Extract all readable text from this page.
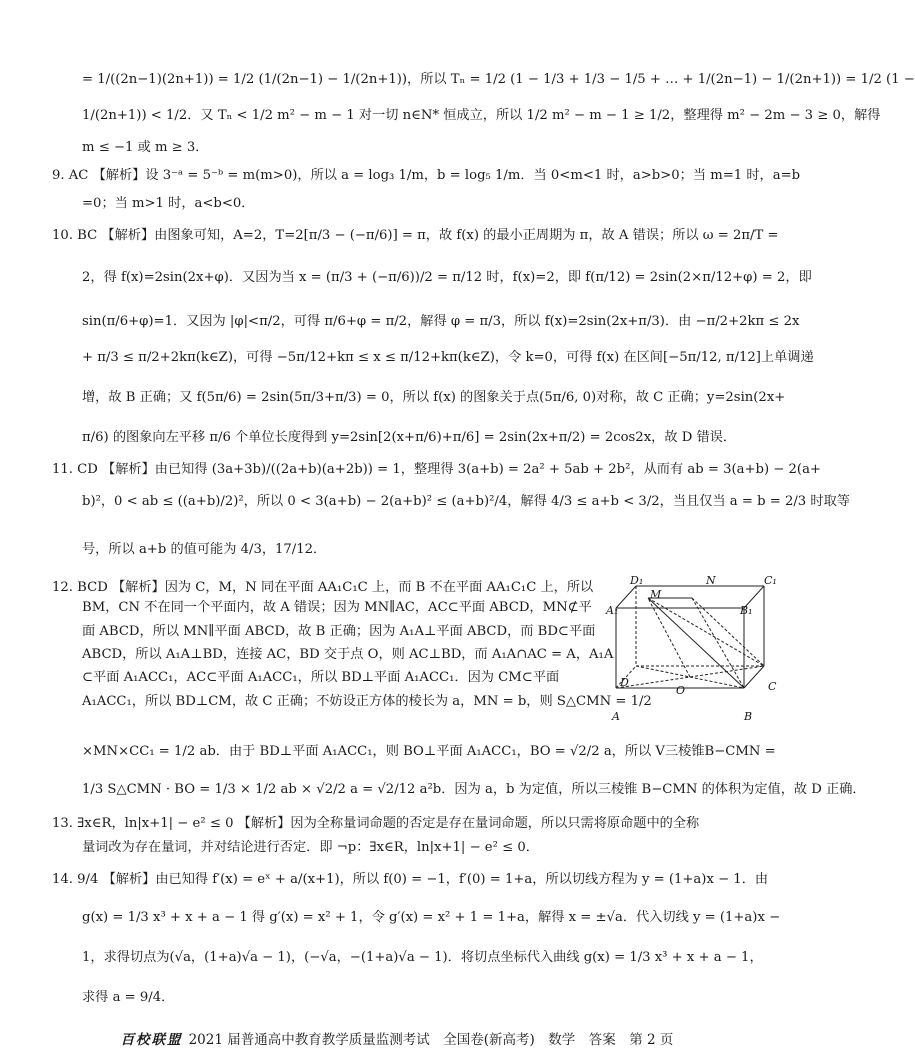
= 1/((2n−1)(2n+1)) = 1/2 (1/(2n−1) − 1/(2n+1))，所以 Tₙ = 1/2 (1 − 1/3 + 1/3 − 1/5 + … + 1/(2n−1) − 1/(2n+1)) = 1/2 (1 −
1/(2n+1)) < 1/2．又 Tₙ < 1/2 m² − m − 1 对一切 n∈N* 恒成立，所以 1/2 m² − m − 1 ≥ 1/2，整理得 m² − 2m − 3 ≥ 0，解得
m ≤ −1 或 m ≥ 3．
9. AC 【解析】设 3⁻ᵃ = 5⁻ᵇ = m(m>0)，所以 a = log₃ 1/m，b = log₅ 1/m．当 0<m<1 时，a>b>0；当 m=1 时，a=b
=0；当 m>1 时，a<b<0．
10. BC 【解析】由图象可知，A=2，T=2[π/3 − (−π/6)] = π，故 f(x) 的最小正周期为 π，故 A 错误；所以 ω = 2π/T =
2，得 f(x)=2sin(2x+φ)．又因为当 x = (π/3 + (−π/6))/2 = π/12 时，f(x)=2，即 f(π/12) = 2sin(2×π/12+φ) = 2，即
sin(π/6+φ)=1．又因为 |φ|<π/2，可得 π/6+φ = π/2，解得 φ = π/3，所以 f(x)=2sin(2x+π/3)．由 −π/2+2kπ ≤ 2x
+ π/3 ≤ π/2+2kπ(k∈Z)，可得 −5π/12+kπ ≤ x ≤ π/12+kπ(k∈Z)，令 k=0，可得 f(x) 在区间[−5π/12, π/12]上单调递
增，故 B 正确；又 f(5π/6) = 2sin(5π/3+π/3) = 0，所以 f(x) 的图象关于点(5π/6, 0)对称，故 C 正确；y=2sin(2x+
π/6) 的图象向左平移 π/6 个单位长度得到 y=2sin[2(x+π/6)+π/6] = 2sin(2x+π/2) = 2cos2x，故 D 错误．
11. CD 【解析】由已知得 (3a+3b)/((2a+b)(a+2b)) = 1，整理得 3(a+b) = 2a² + 5ab + 2b²，从而有 ab = 3(a+b) − 2(a+
b)²，0 < ab ≤ ((a+b)/2)²，所以 0 < 3(a+b) − 2(a+b)² ≤ (a+b)²/4，解得 4/3 ≤ a+b < 3/2，当且仅当 a = b = 2/3 时取等
号，所以 a+b 的值可能为 4/3，17/12．
12. BCD 【解析】因为 C，M，N 同在平面 AA₁C₁C 上，而 B 不在平面 AA₁C₁C 上，所以
BM，CN 不在同一个平面内，故 A 错误；因为 MN∥AC，AC⊂平面 ABCD，MN⊄平
面 ABCD，所以 MN∥平面 ABCD，故 B 正确；因为 A₁A⊥平面 ABCD，而 BD⊂平面
ABCD，所以 A₁A⊥BD，连接 AC，BD 交于点 O，则 AC⊥BD，而 A₁A∩AC = A，A₁A
⊂平面 A₁ACC₁，AC⊂平面 A₁ACC₁，所以 BD⊥平面 A₁ACC₁．因为 CM⊂平面
A₁ACC₁，所以 BD⊥CM，故 C 正确；不妨设正方体的棱长为 a，MN = b，则 S△CMN = 1/2
×MN×CC₁ = 1/2 ab．由于 BD⊥平面 A₁ACC₁，则 BO⊥平面 A₁ACC₁，BO = √2/2 a，所以 V三棱锥B−CMN =
1/3 S△CMN · BO = 1/3 × 1/2 ab × √2/2 a = √2/12 a²b．因为 a，b 为定值，所以三棱锥 B−CMN 的体积为定值，故 D 正确．
13. ∃x∈R，ln|x+1| − e² ≤ 0 【解析】因为全称量词命题的否定是存在量词命题，所以只需将原命题中的全称
量词改为存在量词，并对结论进行否定．即 ¬p：∃x∈R，ln|x+1| − e² ≤ 0．
14. 9/4 【解析】由已知得 f′(x) = eˣ + a/(x+1)，所以 f(0) = −1，f′(0) = 1+a，所以切线方程为 y = (1+a)x − 1．由
g(x) = 1/3 x³ + x + a − 1 得 g′(x) = x² + 1，令 g′(x) = x² + 1 = 1+a，解得 x = ±√a．代入切线 y = (1+a)x −
1，求得切点为(√a，(1+a)√a − 1)，(−√a，−(1+a)√a − 1)．将切点坐标代入曲线 g(x) = 1/3 x³ + x + a − 1，
求得 a = 9/4．
D₁	N	C₁
M
A₁	B₁
D	C
O
A	B
百校联盟 2021 届普通高中教育教学质量监测考试　全国卷(新高考)　数学　答案　第 2 页
